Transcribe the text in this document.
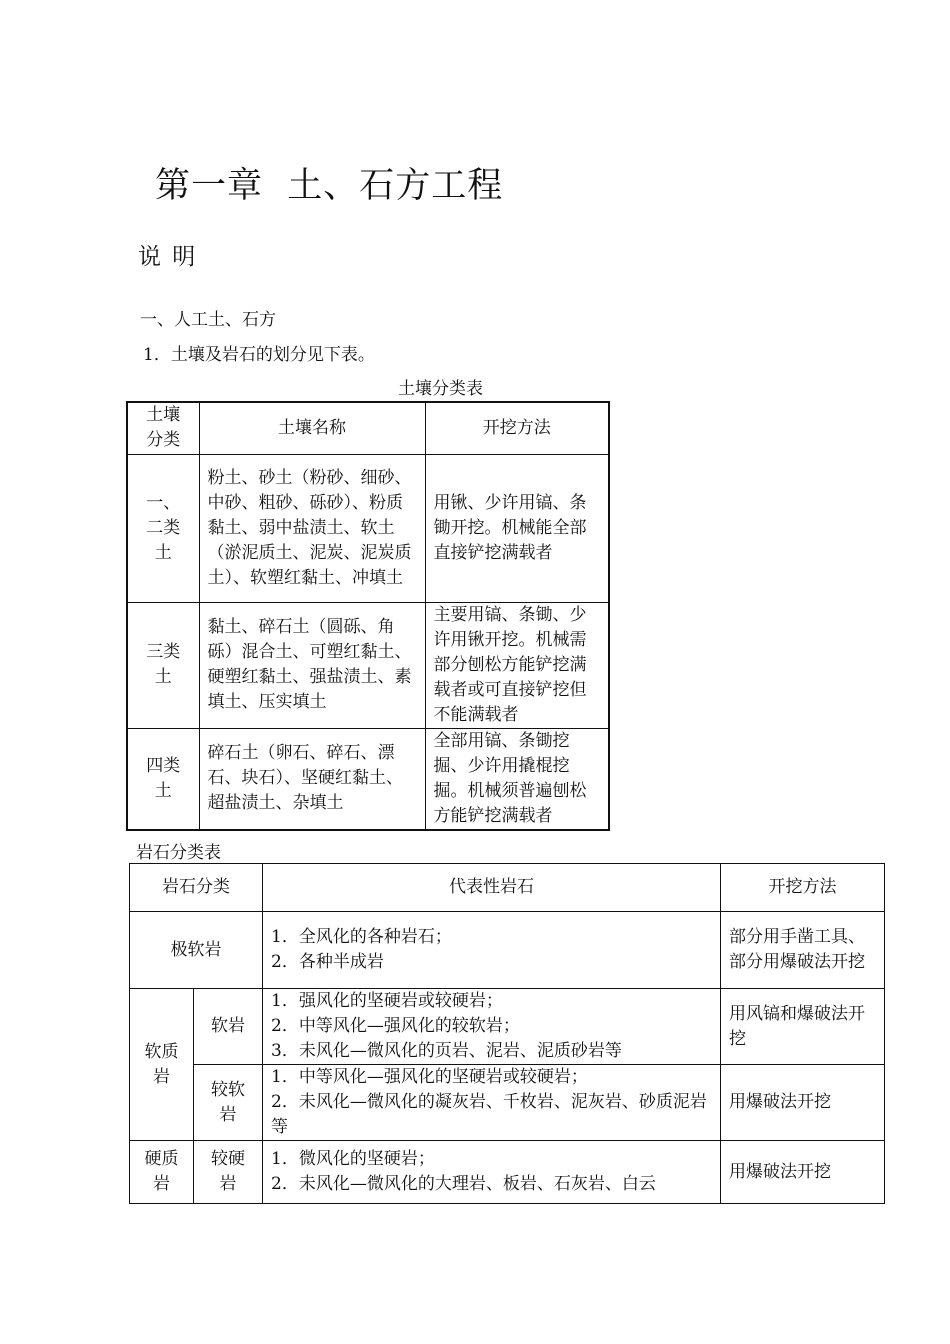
第一章  土、石方工程
说 明
一、人工土、石方
1．土壤及岩石的划分见下表。
土壤分类表
土壤分类	土壤名称	开挖方法
一、二类土	粉土、砂土（粉砂、细砂、中砂、粗砂、砾砂）、粉质黏土、弱中盐渍土、软土（淤泥质土、泥炭、泥炭质土）、软塑红黏土、冲填土	用锹、少许用镐、条锄开挖。机械能全部直接铲挖满载者
三类土	黏土、碎石土（圆砾、角砾）混合土、可塑红黏土、硬塑红黏土、强盐渍土、素填土、压实填土	主要用镐、条锄、少许用锹开挖。机械需部分刨松方能铲挖满载者或可直接铲挖但不能满载者
四类土	碎石土（卵石、碎石、漂石、块石）、坚硬红黏土、超盐渍土、杂填土	全部用镐、条锄挖掘、少许用撬棍挖掘。机械须普遍刨松方能铲挖满载者
岩石分类表
岩石分类		代表性岩石	开挖方法
极软岩		1．全风化的各种岩石；
2．各种半成岩	部分用手凿工具、部分用爆破法开挖
软质岩	软岩	1．强风化的坚硬岩或较硬岩；
2．中等风化—强风化的较软岩；
3．未风化—微风化的页岩、泥岩、泥质砂岩等	用风镐和爆破法开挖
	较软岩	1．中等风化—强风化的坚硬岩或较硬岩；
2．未风化—微风化的凝灰岩、千枚岩、泥灰岩、砂质泥岩等	用爆破法开挖
硬质岩	较硬岩	1．微风化的坚硬岩；
2．未风化—微风化的大理岩、板岩、石灰岩、白云	用爆破法开挖
